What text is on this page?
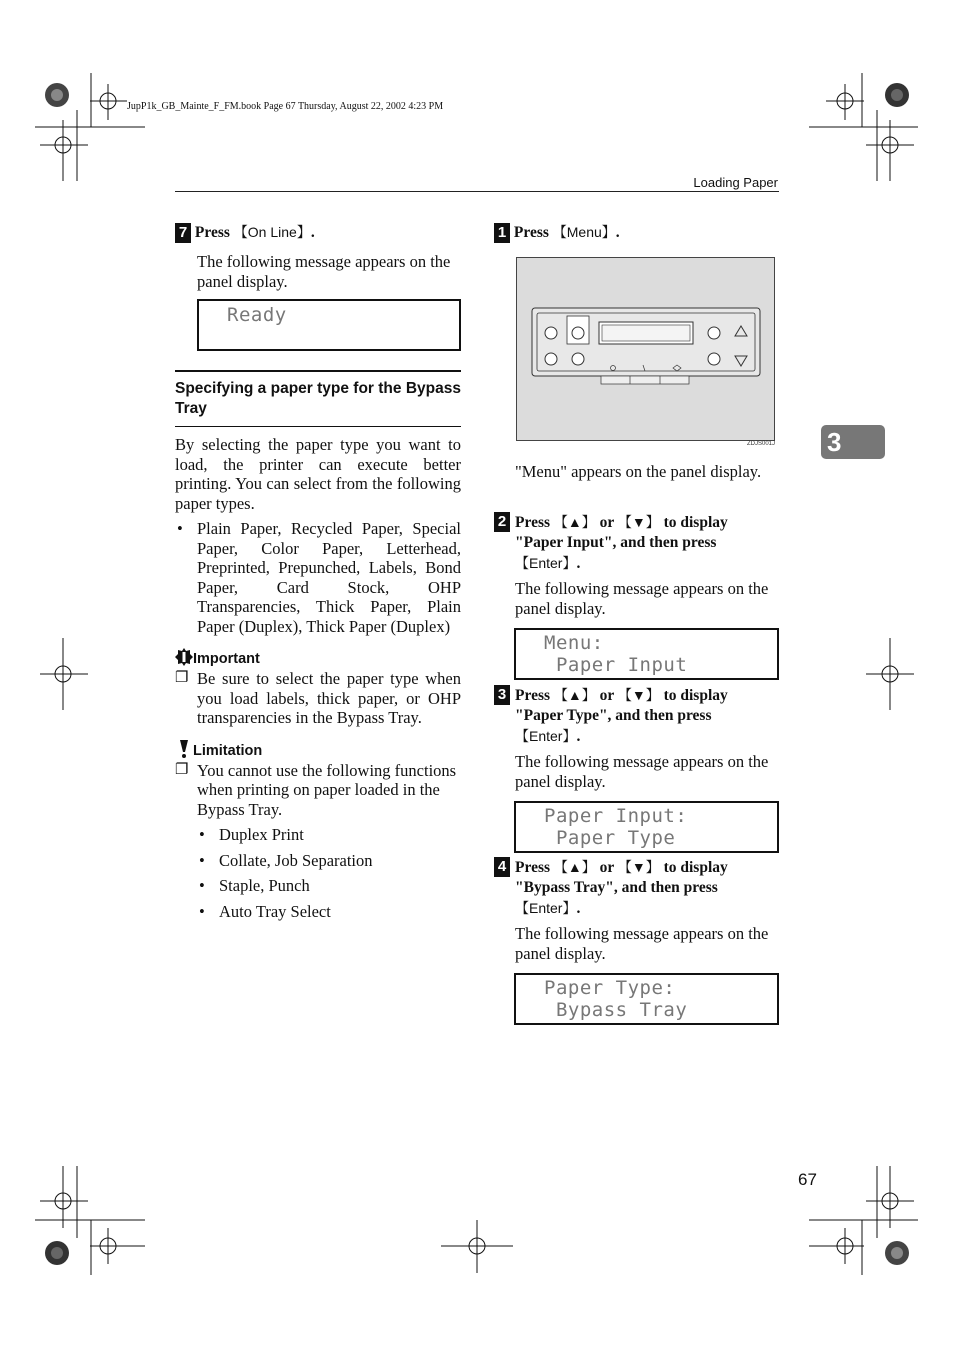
JupP1k_GB_Mainte_F_FM.book Page 67 Thursday, August 22, 2002 4:23 PM
Loading Paper
3
7 Press 【On Line】.
The following message appears on the panel display.
Ready
Specifying a paper type for the Bypass Tray
By selecting the paper type you want to load, the printer can execute better printing. You can select from the following paper types.
• Plain Paper, Recycled Paper, Special Paper, Color Paper, Letterhead, Preprinted, Prepunched, Labels, Bond Paper, Card Stock, OHP Transparencies, Thick Paper, Plain Paper (Duplex), Thick Paper (Duplex)
Important
❐ Be sure to select the paper type when you load labels, thick paper, or OHP transparencies in the Bypass Tray.
Limitation
❐ You cannot use the following functions when printing on paper loaded in the Bypass Tray.
• Duplex Print
• Collate, Job Separation
• Staple, Punch
• Auto Tray Select
1 Press 【Menu】.
ZDJS001J
"Menu" appears on the panel display.
2 Press 【▲】 or 【▼】 to display "Paper Input", and then press 【Enter】.
The following message appears on the panel display.
Menu:
Paper Input
3 Press 【▲】 or 【▼】 to display "Paper Type", and then press 【Enter】.
The following message appears on the panel display.
Paper Input:
Paper Type
4 Press 【▲】 or 【▼】 to display "Bypass Tray", and then press 【Enter】.
The following message appears on the panel display.
Paper Type:
Bypass Tray
67
